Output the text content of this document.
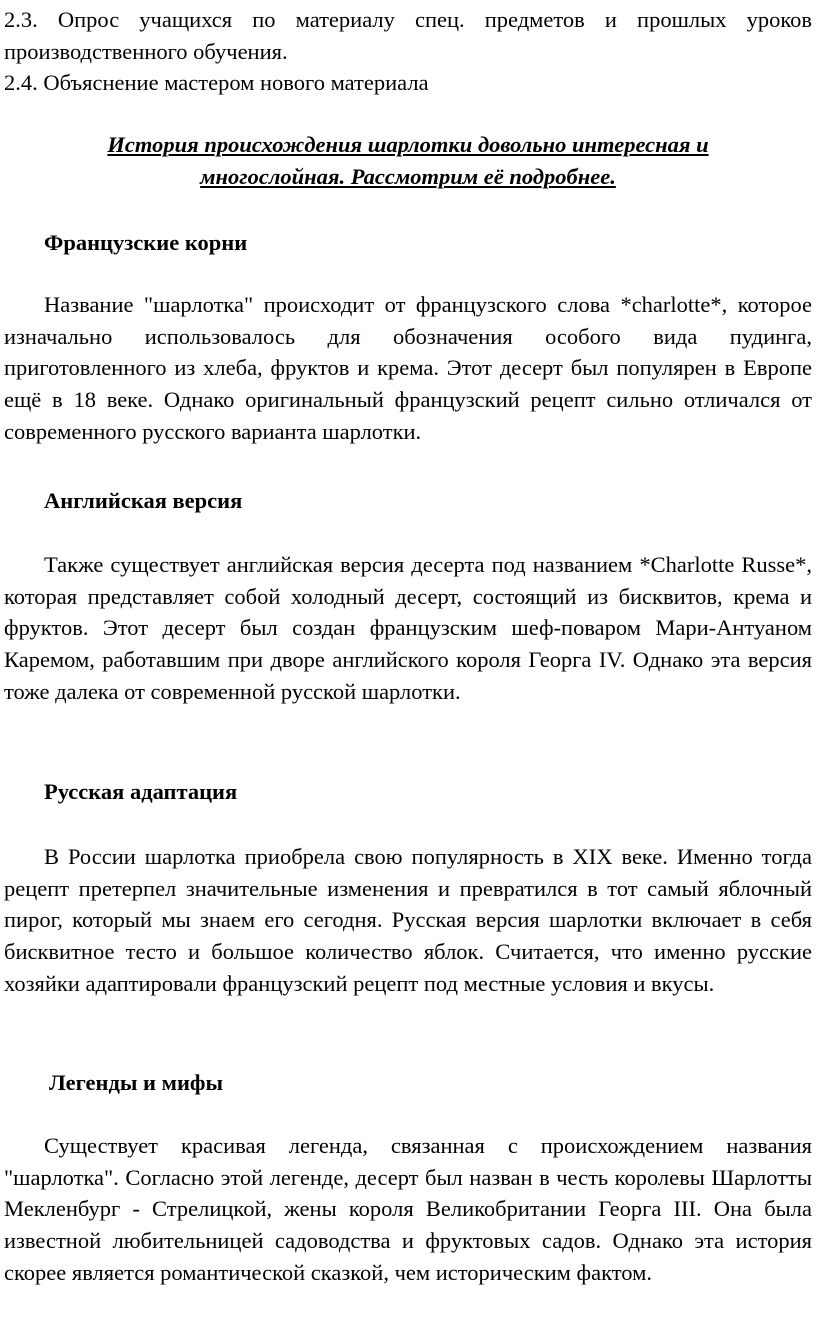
2.3. Опрос учащихся по материалу спец. предметов и прошлых уроков производственного обучения.

2.4. Объяснение мастером нового материала

История происхождения шарлотки довольно интересная и многослойная. Рассмотрим её подробнее.

Французские корни

Название "шарлотка" происходит от французского слова *charlotte*, которое изначально использовалось для обозначения особого вида пудинга, приготовленного из хлеба, фруктов и крема. Этот десерт был популярен в Европе ещё в 18 веке. Однако оригинальный французский рецепт сильно отличался от современного русского варианта шарлотки.

Английская версия

Также существует английская версия десерта под названием *Charlotte Russe*, которая представляет собой холодный десерт, состоящий из бисквитов, крема и фруктов. Этот десерт был создан французским шеф-поваром Мари-Антуаном Каремом, работавшим при дворе английского короля Георга IV. Однако эта версия тоже далека от современной русской шарлотки.

Русская адаптация

В России шарлотка приобрела свою популярность в XIX веке. Именно тогда рецепт претерпел значительные изменения и превратился в тот самый яблочный пирог, который мы знаем его сегодня. Русская версия шарлотки включает в себя бисквитное тесто и большое количество яблок. Считается, что именно русские хозяйки адаптировали французский рецепт под местные условия и вкусы.

Легенды и мифы

Существует красивая легенда, связанная с происхождением названия "шарлотка". Согласно этой легенде, десерт был назван в честь королевы Шарлотты Мекленбург - Стрелицкой, жены короля Великобритании Георга III. Она была известной любительницей садоводства и фруктовых садов. Однако эта история скорее является романтической сказкой, чем историческим фактом.
